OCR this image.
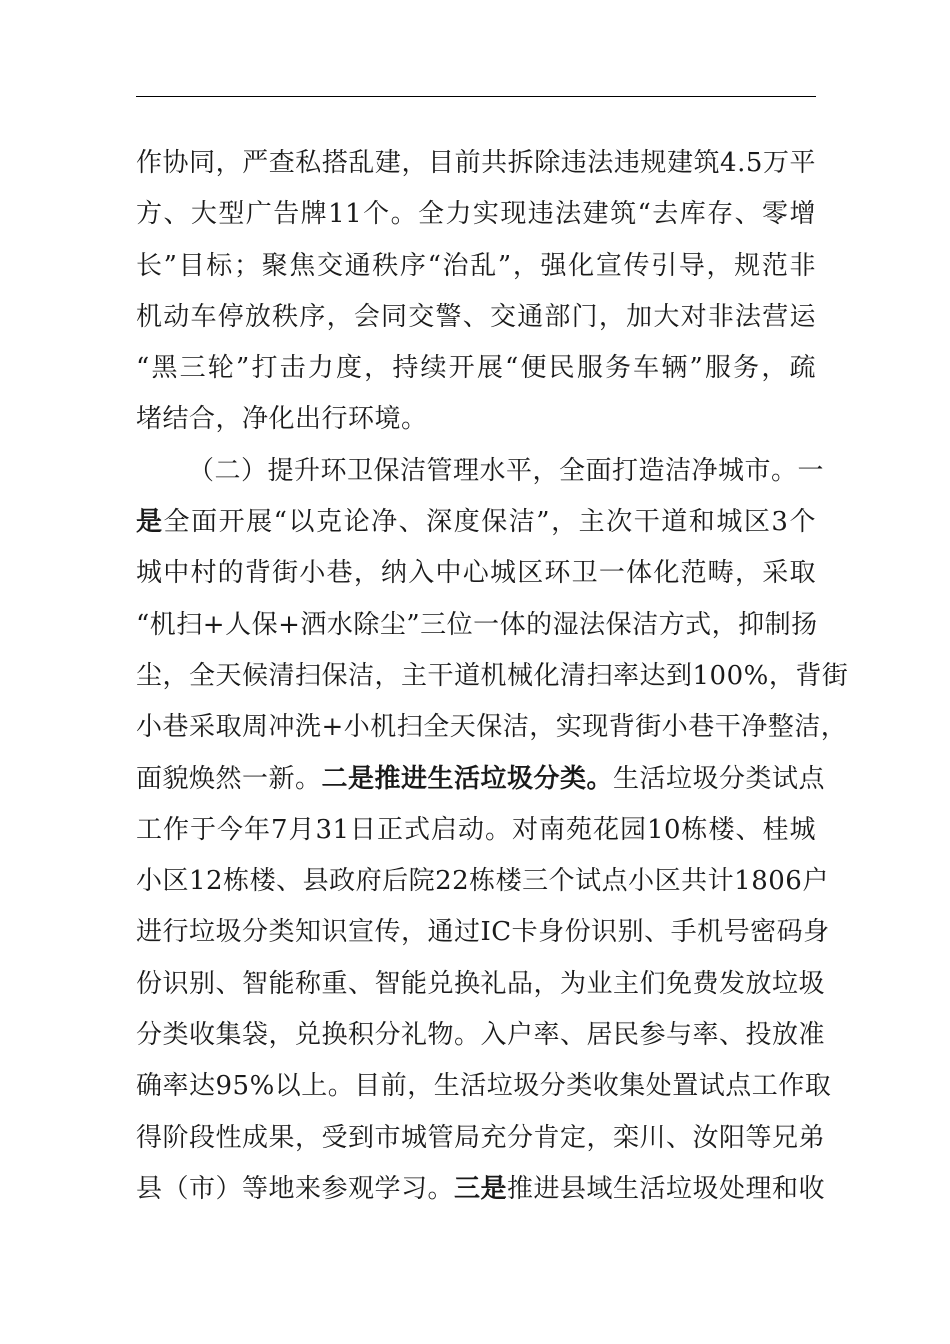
作协同，严查私搭乱建，目前共拆除违法违规建筑4.5万平
方、大型广告牌11个。全力实现违法建筑“去库存、零增
长”目标；聚焦交通秩序“治乱”，强化宣传引导，规范非
机动车停放秩序，会同交警、交通部门，加大对非法营运
“黑三轮”打击力度，持续开展“便民服务车辆”服务，疏
堵结合，净化出行环境。
（二）提升环卫保洁管理水平，全面打造洁净城市。一
是全面开展“以克论净、深度保洁”，主次干道和城区3个
城中村的背街小巷，纳入中心城区环卫一体化范畴，采取
“机扫+人保+洒水除尘”三位一体的湿法保洁方式，抑制扬
尘，全天候清扫保洁，主干道机械化清扫率达到100%，背街
小巷采取周冲洗+小机扫全天保洁，实现背街小巷干净整洁，
面貌焕然一新。二是推进生活垃圾分类。生活垃圾分类试点
工作于今年7月31日正式启动。对南苑花园10栋楼、桂城
小区12栋楼、县政府后院22栋楼三个试点小区共计1806户
进行垃圾分类知识宣传，通过IC卡身份识别、手机号密码身
份识别、智能称重、智能兑换礼品，为业主们免费发放垃圾
分类收集袋，兑换积分礼物。入户率、居民参与率、投放准
确率达95%以上。目前，生活垃圾分类收集处置试点工作取
得阶段性成果，受到市城管局充分肯定，栾川、汝阳等兄弟
县（市）等地来参观学习。三是推进县域生活垃圾处理和收
